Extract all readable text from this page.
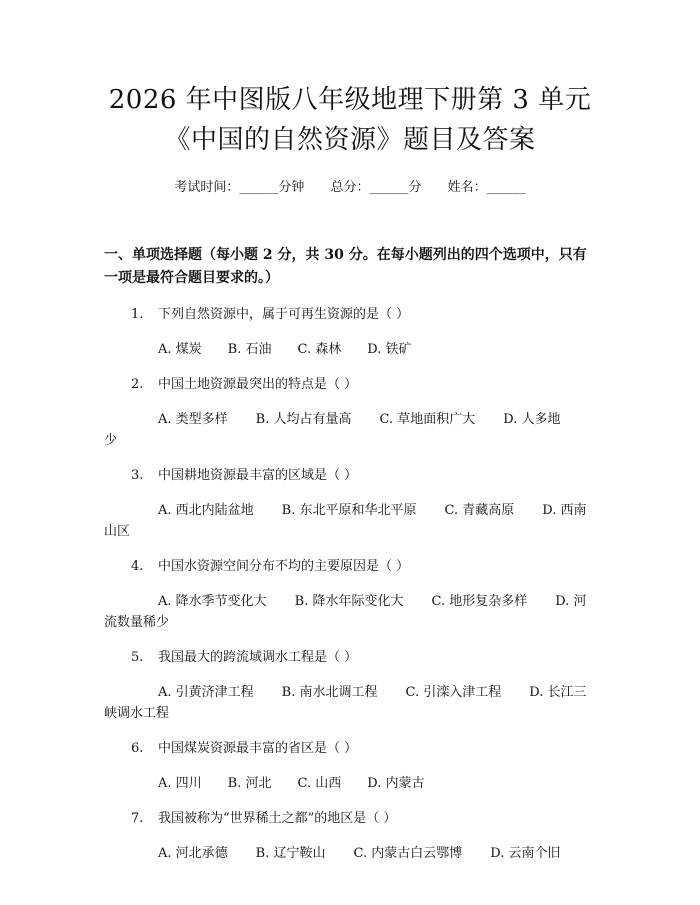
2026 年中图版八年级地理下册第 3 单元《中国的自然资源》题目及答案
考试时间：______分钟 总分：______分 姓名：______
一、单项选择题（每小题 2 分，共 30 分。在每小题列出的四个选项中，只有一项是最符合题目要求的。）
1. 下列自然资源中，属于可再生资源的是（ ）
A. 煤炭 B. 石油 C. 森林 D. 铁矿
2. 中国土地资源最突出的特点是（ ）
A. 类型多样 B. 人均占有量高 C. 草地面积广大 D. 人多地少
3. 中国耕地资源最丰富的区域是（ ）
A. 西北内陆盆地 B. 东北平原和华北平原 C. 青藏高原 D. 西南山区
4. 中国水资源空间分布不均的主要原因是（ ）
A. 降水季节变化大 B. 降水年际变化大 C. 地形复杂多样 D. 河流数量稀少
5. 我国最大的跨流域调水工程是（ ）
A. 引黄济津工程 B. 南水北调工程 C. 引滦入津工程 D. 长江三峡调水工程
6. 中国煤炭资源最丰富的省区是（ ）
A. 四川 B. 河北 C. 山西 D. 内蒙古
7. 我国被称为“世界稀土之都”的地区是（ ）
A. 河北承德 B. 辽宁鞍山 C. 内蒙古白云鄂博 D. 云南个旧
